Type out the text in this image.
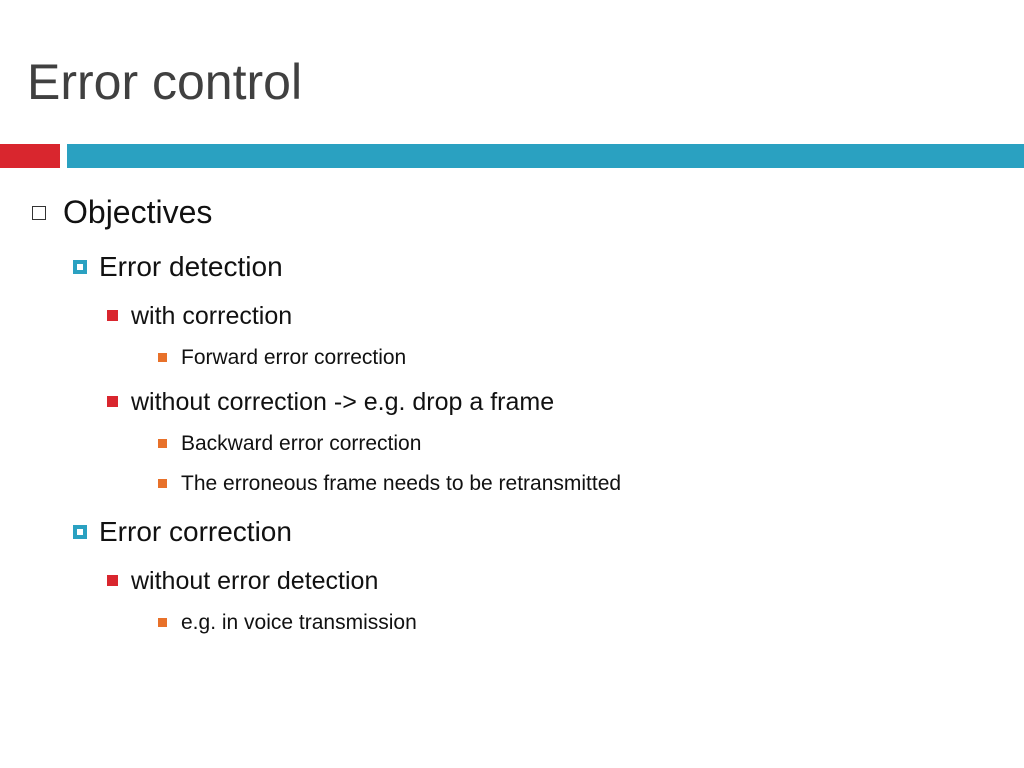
Error control
Objectives
Error detection
with correction
Forward error correction
without correction -> e.g. drop a frame
Backward error correction
The erroneous frame needs to be retransmitted
Error correction
without error detection
e.g. in voice transmission
